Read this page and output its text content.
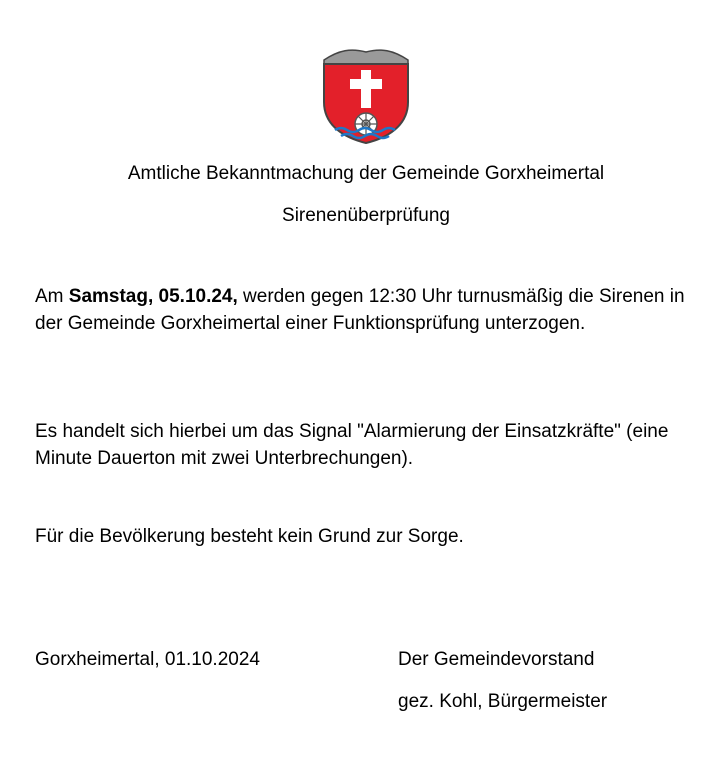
Amtliche Bekanntmachung der Gemeinde Gorxheimertal
Sirenenüberprüfung

Am Samstag, 05.10.24, werden gegen 12:30 Uhr turnusmäßig die Sirenen in der Gemeinde Gorxheimertal einer Funktionsprüfung unterzogen.

Es handelt sich hierbei um das Signal "Alarmierung der Einsatzkräfte" (eine Minute Dauerton mit zwei Unterbrechungen).

Für die Bevölkerung besteht kein Grund zur Sorge.

Gorxheimertal, 01.10.2024	Der Gemeindevorstand

gez. Kohl, Bürgermeister
